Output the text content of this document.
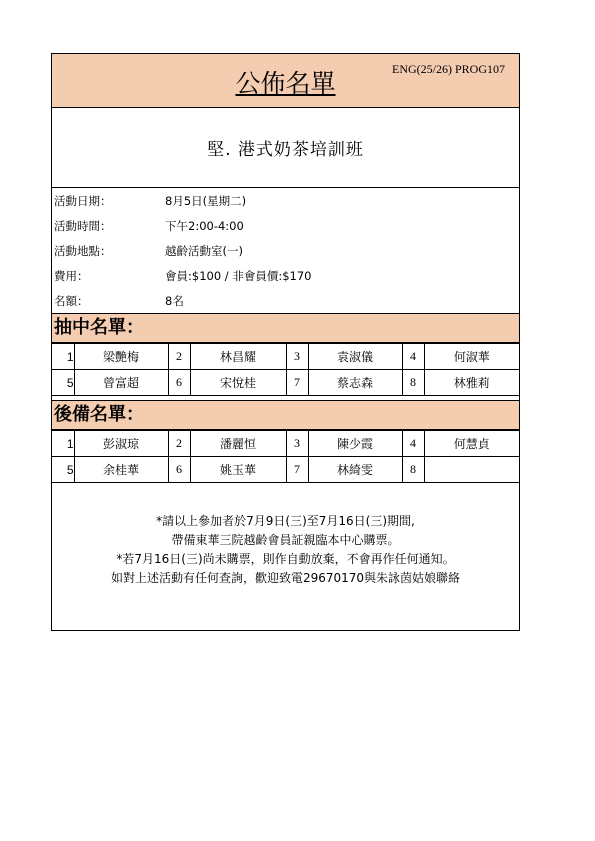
公佈名單	ENG(25/26) PROG107
堅. 港式奶茶培訓班
活動日期：	8月5日(星期二)
活動時間：	下午2:00-4:00
活動地點：	越齡活動室(一)
費用：	會員:$100 / 非會員價:$170
名額：	8名
抽中名單：
1	梁艷梅	2	林昌耀	3	袁淑儀	4	何淑華
5	曾富超	6	宋悅桂	7	蔡志森	8	林雅莉
後備名單：
1	彭淑琼	2	潘麗恒	3	陳少霞	4	何慧貞
5	余桂華	6	姚玉華	7	林綺雯	8	
*請以上參加者於7月9日(三)至7月16日(三)期間,
帶備東華三院越齡會員証親臨本中心購票。
*若7月16日(三)尚未購票，則作自動放棄，不會再作任何通知。
如對上述活動有任何查詢，歡迎致電29670170與朱詠茵姑娘聯絡
